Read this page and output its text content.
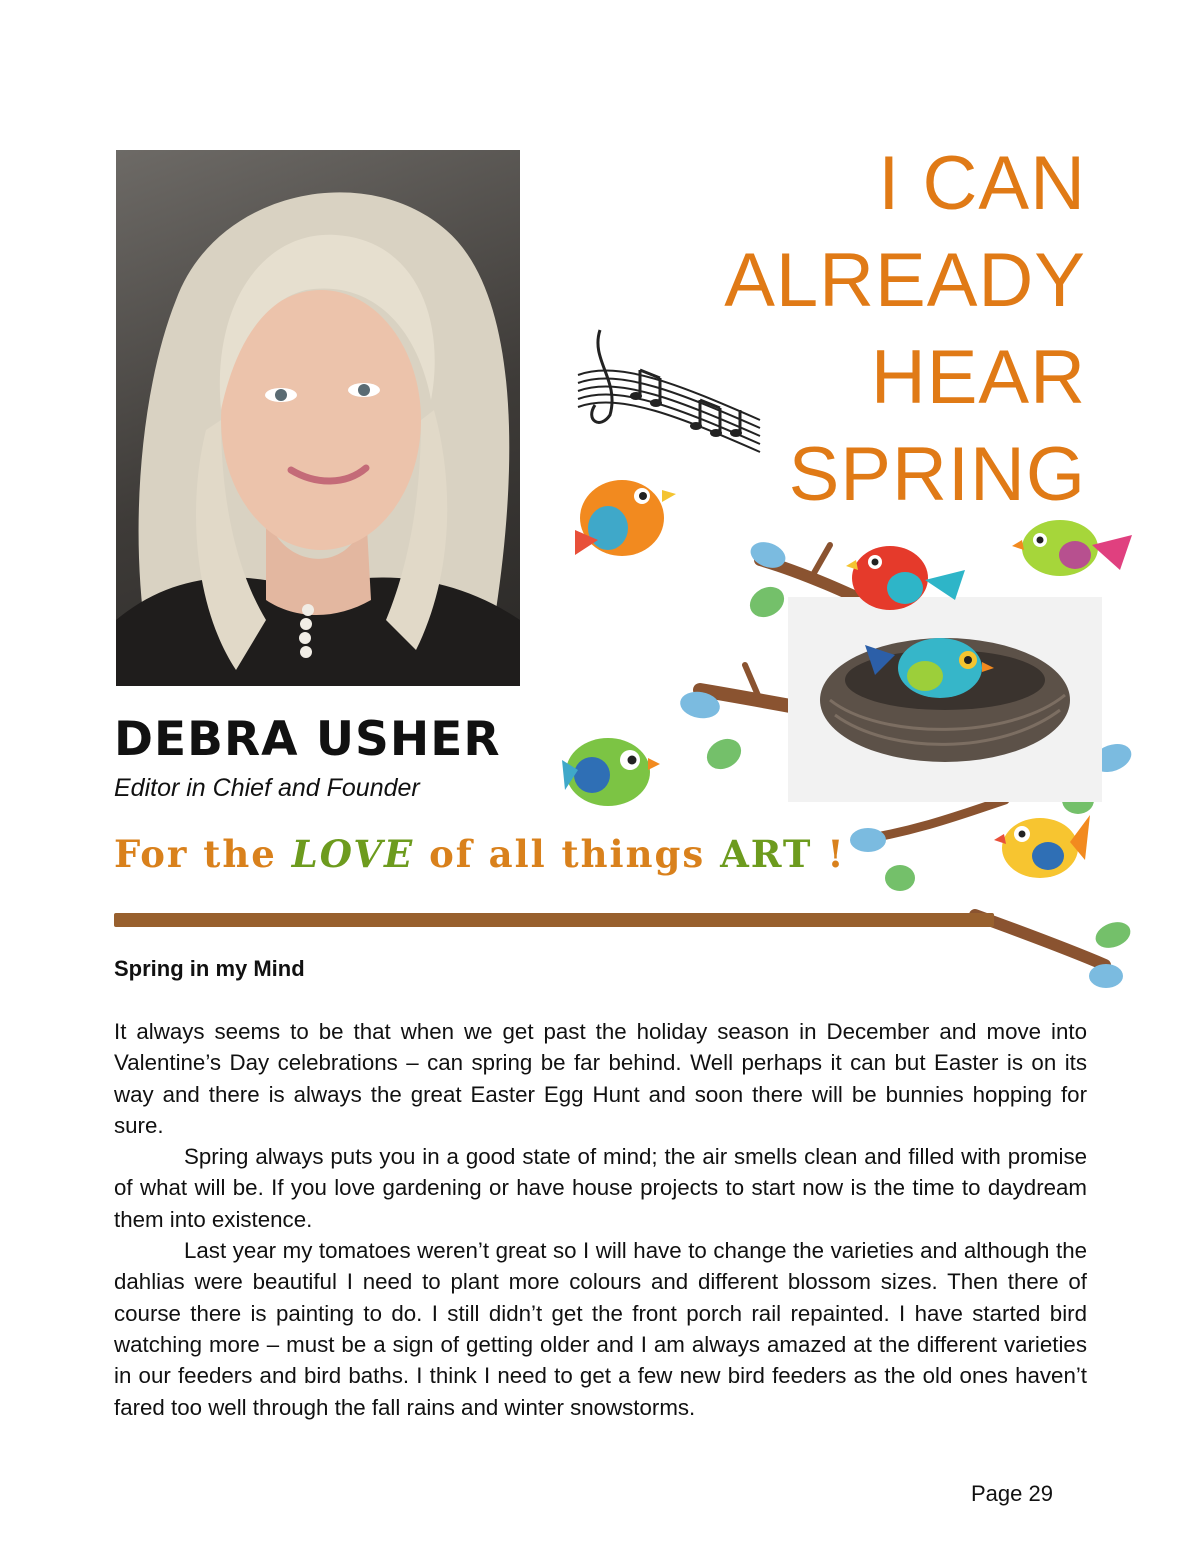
I CAN
ALREADY
HEAR
SPRING
DEBRA USHER
Editor in Chief and Founder
For the LOVE of all things ART !
Spring in my Mind

It always seems to be that when we get past the holiday season in December and move into Valentine’s Day celebrations – can spring be far behind. Well perhaps it can but Easter is on its way and there is always the great Easter Egg Hunt and soon there will be bunnies hopping for sure.

Spring always puts you in a good state of mind; the air smells clean and filled with promise of what will be. If you love gardening or have house projects to start now is the time to daydream them into existence.

Last year my tomatoes weren’t great so I will have to change the varieties and although the dahlias were beautiful I need to plant more colours and different blossom sizes. Then there of course there is painting to do. I still didn’t get the front porch rail repainted. I have started bird watching more – must be a sign of getting older and I am always amazed at the different varieties in our feeders and bird baths. I think I need to get a few new bird feeders as the old ones haven’t fared too well through the fall rains and winter snowstorms.

Page 29
